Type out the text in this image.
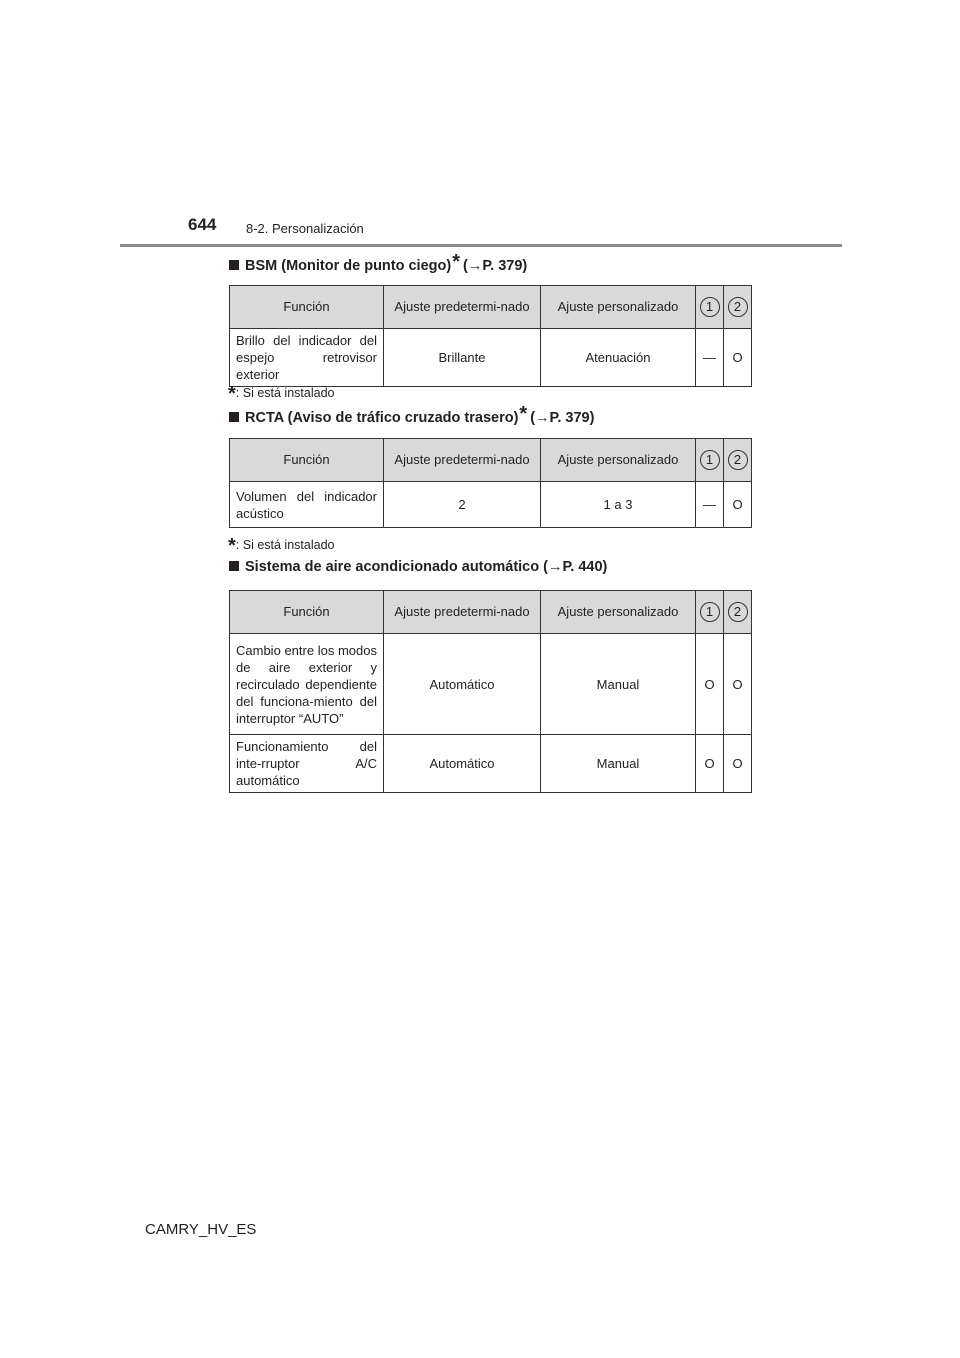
644 8-2. Personalización
BSM (Monitor de punto ciego)* (→P. 379)
Función	Ajuste predetermi-nado	Ajuste personalizado	1	2
Brillo del indicador del espejo retrovisor exterior	Brillante	Atenuación	—	O
*: Si está instalado
RCTA (Aviso de tráfico cruzado trasero)* (→P. 379)
Función	Ajuste predetermi-nado	Ajuste personalizado	1	2
Volumen del indicador acústico	2	1 a 3	—	O
*: Si está instalado
Sistema de aire acondicionado automático (→P. 440)
Función	Ajuste predetermi-nado	Ajuste personalizado	1	2
Cambio entre los modos de aire exterior y recirculado dependiente del funciona-miento del interruptor “AUTO”	Automático	Manual	O	O
Funcionamiento del inte-rruptor A/C automático	Automático	Manual	O	O
CAMRY_HV_ES
